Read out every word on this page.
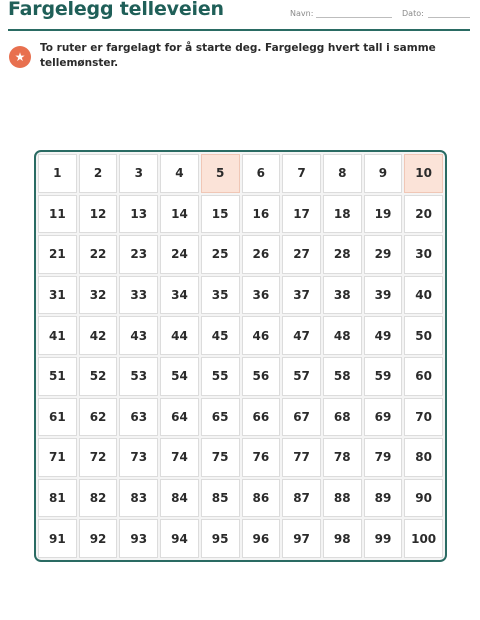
Fargelegg telleveien	Navn:	Dato:
★
To ruter er fargelagt for å starte deg. Fargelegg hvert tall i samme tellemønster.
1	2	3	4	5	6	7	8	9	10
11	12	13	14	15	16	17	18	19	20
21	22	23	24	25	26	27	28	29	30
31	32	33	34	35	36	37	38	39	40
41	42	43	44	45	46	47	48	49	50
51	52	53	54	55	56	57	58	59	60
61	62	63	64	65	66	67	68	69	70
71	72	73	74	75	76	77	78	79	80
81	82	83	84	85	86	87	88	89	90
91	92	93	94	95	96	97	98	99	100
